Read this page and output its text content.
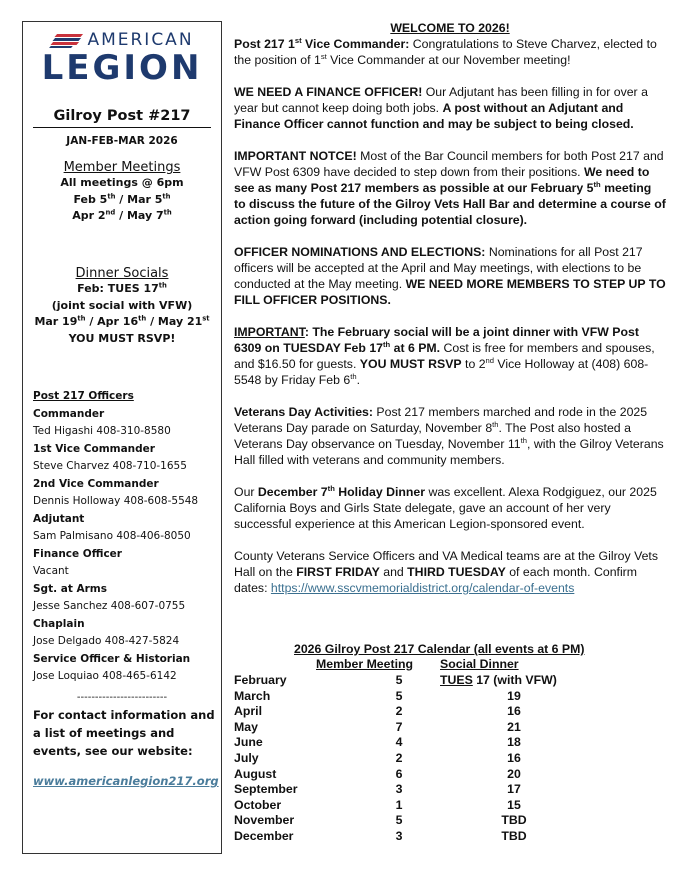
AMERICAN
LEGION
Gilroy Post #217
JAN-FEB-MAR 2026
Member Meetings
All meetings @ 6pm
Feb 5th / Mar 5th
Apr 2nd / May 7th
Dinner Socials
Feb: TUES 17th
(joint social with VFW)
Mar 19th / Apr 16th / May 21st
YOU MUST RSVP!
Post 217 Officers
Commander
Ted Higashi 408-310-8580
1st Vice Commander
Steve Charvez 408-710-1655
2nd Vice Commander
Dennis Holloway 408-608-5548
Adjutant
Sam Palmisano 408-406-8050
Finance Officer
Vacant
Sgt. at Arms
Jesse Sanchez 408-607-0755
Chaplain
Jose Delgado 408-427-5824
Service Officer & Historian
Jose Loquiao 408-465-6142
-------------------------
For contact information and a list of meetings and events, see our website:
www.americanlegion217.org
WELCOME TO 2026!

Post 217 1st Vice Commander: Congratulations to Steve Charvez, elected to the position of 1st Vice Commander at our November meeting!

WE NEED A FINANCE OFFICER! Our Adjutant has been filling in for over a year but cannot keep doing both jobs. A post without an Adjutant and Finance Officer cannot function and may be subject to being closed.

IMPORTANT NOTCE! Most of the Bar Council members for both Post 217 and VFW Post 6309 have decided to step down from their positions. We need to see as many Post 217 members as possible at our February 5th meeting to discuss the future of the Gilroy Vets Hall Bar and determine a course of action going forward (including potential closure).

OFFICER NOMINATIONS AND ELECTIONS: Nominations for all Post 217 officers will be accepted at the April and May meetings, with elections to be conducted at the May meeting. WE NEED MORE MEMBERS TO STEP UP TO FILL OFFICER POSITIONS.

IMPORTANT: The February social will be a joint dinner with VFW Post 6309 on TUESDAY Feb 17th at 6 PM. Cost is free for members and spouses, and $16.50 for guests. YOU MUST RSVP to 2nd Vice Holloway at (408) 608-5548 by Friday Feb 6th.

Veterans Day Activities: Post 217 members marched and rode in the 2025 Veterans Day parade on Saturday, November 8th. The Post also hosted a Veterans Day observance on Tuesday, November 11th, with the Gilroy Veterans Hall filled with veterans and community members.

Our December 7th Holiday Dinner was excellent. Alexa Rodgiguez, our 2025 California Boys and Girls State delegate, gave an account of her very successful experience at this American Legion-sponsored event.

County Veterans Service Officers and VA Medical teams are at the Gilroy Vets Hall on the FIRST FRIDAY and THIRD TUESDAY of each month. Confirm dates: https://www.sscvmemorialdistrict.org/calendar-of-events

2026 Gilroy Post 217 Calendar (all events at 6 PM)
Member Meeting Social Dinner
February	5	TUES 17 (with VFW)
March	5	19
April	2	16
May	7	21
June	4	18
July	2	16
August	6	20
September	3	17
October	1	15
November	5	TBD
December	3	TBD
